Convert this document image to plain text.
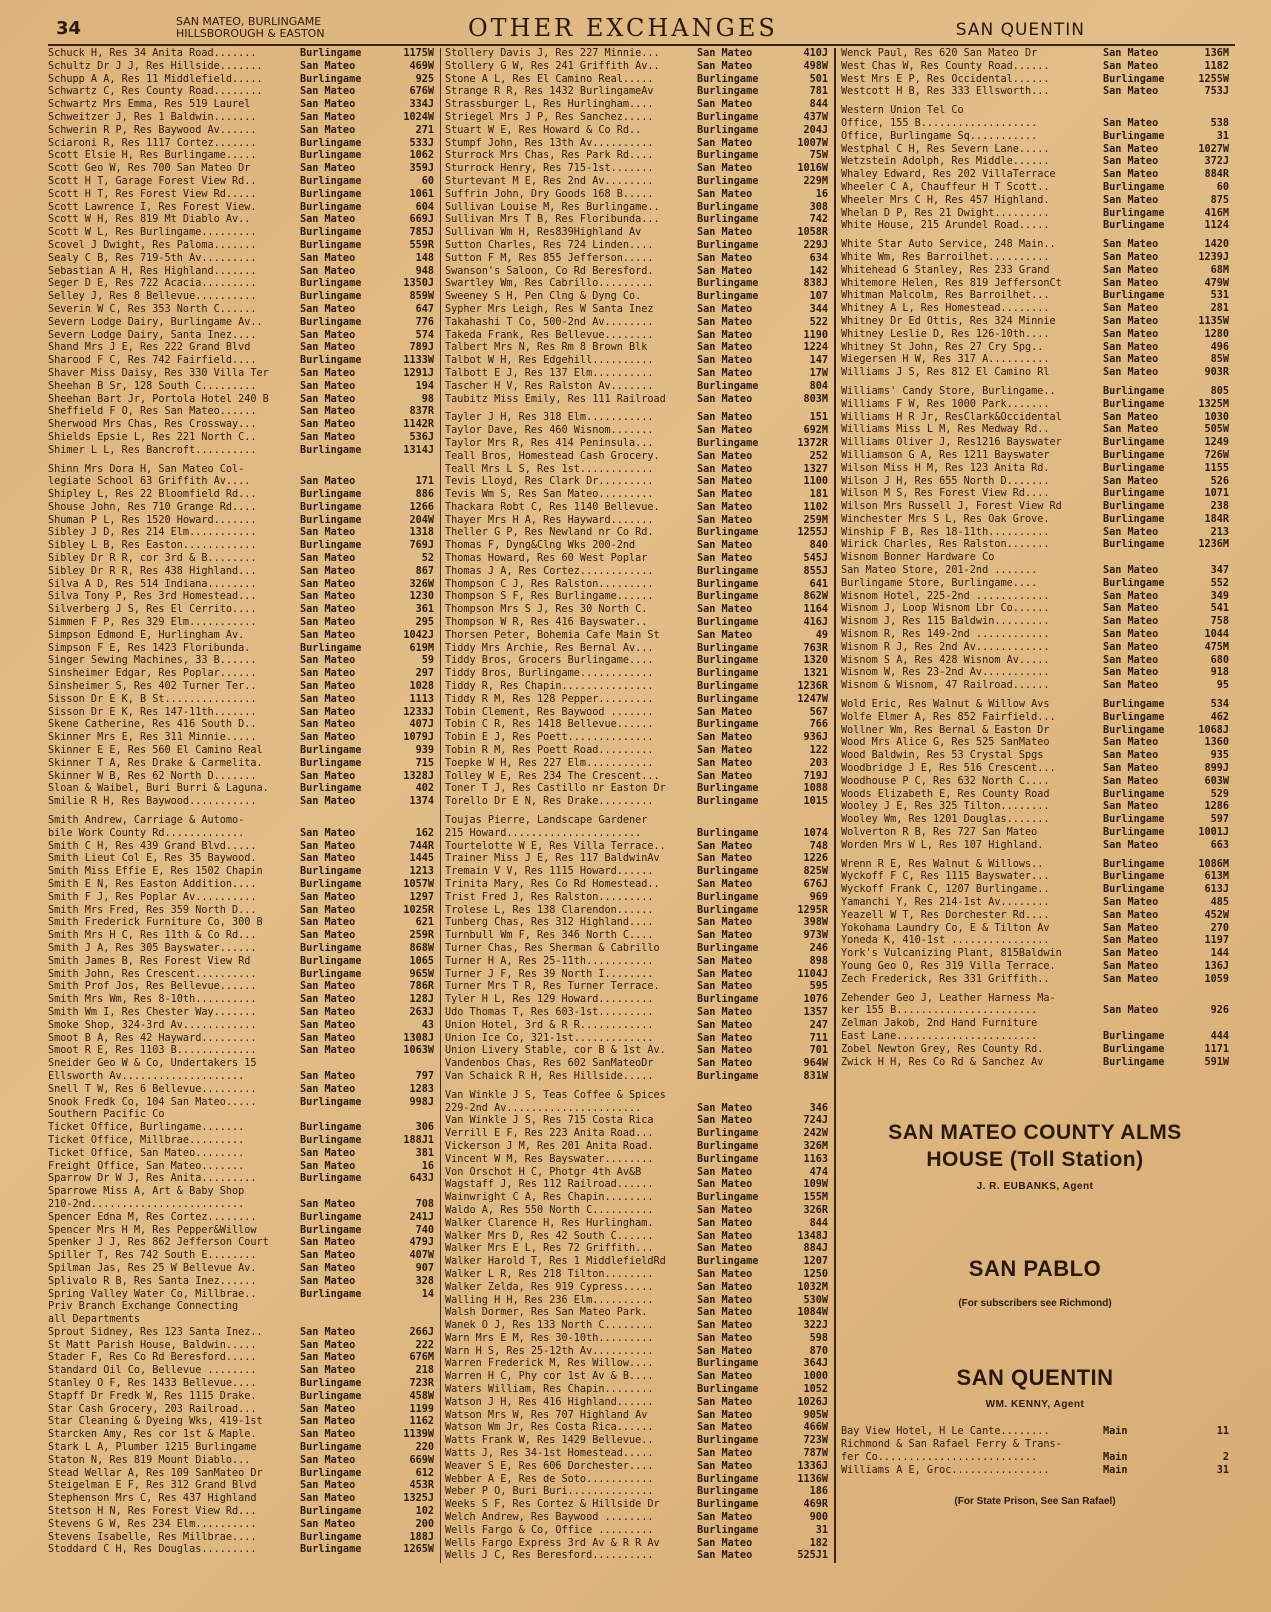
34	SAN MATEO, BURLINGAME
HILLSBOROUGH & EASTON	OTHER EXCHANGES	SAN QUENTIN
Schuck H, Res 34 Anita Road.......	Burlingame	1175W
Schultz Dr J J, Res Hillside.......	San Mateo	469W
Schupp A A, Res 11 Middlefield.....	Burlingame	925
Schwartz C, Res County Road........	San Mateo	676W
Schwartz Mrs Emma, Res 519 Laurel	San Mateo	334J
Schweitzer J, Res 1 Baldwin.......	San Mateo	1024W
Schwerin R P, Res Baywood Av......	San Mateo	271
Sciaroni R, Res 1117 Cortez.......	Burlingame	533J
Scott Elsie H, Res Burlingame.....	Burlingame	1062
Scott Geo W, Res 700 San Mateo Dr	San Mateo	359J
Scott H T, Garage Forest View Rd..	Burlingame	60
Scott H T, Res Forest View Rd.....	Burlingame	1061
Scott Lawrence I, Res Forest View.	Burlingame	604
Scott W H, Res 819 Mt Diablo Av..	San Mateo	669J
Scott W L, Res Burlingame.........	Burlingame	785J
Scovel J Dwight, Res Paloma.......	Burlingame	559R
Sealy C B, Res 719-5th Av.........	San Mateo	148
Sebastian A H, Res Highland.......	San Mateo	948
Seger D E, Res 722 Acacia.........	Burlingame	1350J
Selley J, Res 8 Bellevue..........	Burlingame	859W
Severin W C, Res 353 North C......	San Mateo	647
Severn Lodge Dairy, Burlingame Av..	Burlingame	776
Severn Lodge Dairy, Santa Inez....	San Mateo	574
Shand Mrs J E, Res 222 Grand Blvd	San Mateo	789J
Sharood F C, Res 742 Fairfield....	Burlingame	1133W
Shaver Miss Daisy, Res 330 Villa Ter	San Mateo	1291J
Sheehan B Sr, 128 South C.........	San Mateo	194
Sheehan Bart Jr, Portola Hotel 240 B	San Mateo	98
Sheffield F O, Res San Mateo......	San Mateo	837R
Sherwood Mrs Chas, Res Crossway...	San Mateo	1142R
Shields Epsie L, Res 221 North C..	San Mateo	536J
Shimer L L, Res Bancroft..........	Burlingame	1314J
Shinn Mrs Dora H, San Mateo Col-
legiate School 63 Griffith Av....	San Mateo	171
Shipley L, Res 22 Bloomfield Rd...	Burlingame	886
Shouse John, Res 710 Grange Rd....	Burlingame	1266
Shuman P L, Res 1520 Howard.......	Burlingame	204W
Sibley J D, Res 214 Elm...........	San Mateo	1318
Sibley L B, Res Easton............	Burlingame	769J
Sibley Dr R R, cor 3rd & B........	San Mateo	52
Sibley Dr R R, Res 438 Highland...	San Mateo	867
Silva A D, Res 514 Indiana........	San Mateo	326W
Silva Tony P, Res 3rd Homestead...	San Mateo	1230
Silverberg J S, Res El Cerrito....	San Mateo	361
Simmen F P, Res 329 Elm...........	San Mateo	295
Simpson Edmond E, Hurlingham Av.	San Mateo	1042J
Simpson F E, Res 1423 Floribunda.	Burlingame	619M
Singer Sewing Machines, 33 B......	San Mateo	59
Sinsheimer Edgar, Res Poplar......	San Mateo	297
Sinsheimer S, Res 402 Turner Ter..	San Mateo	1028
Sisson Dr E K, B St...............	San Mateo	1113
Sisson Dr E K, Res 147-11th.......	San Mateo	1233J
Skene Catherine, Res 416 South D..	San Mateo	407J
Skinner Mrs E, Res 311 Minnie.....	San Mateo	1079J
Skinner E E, Res 560 El Camino Real	Burlingame	939
Skinner T A, Res Drake & Carmelita.	Burlingame	715
Skinner W B, Res 62 North D.......	San Mateo	1328J
Sloan & Waibel, Buri Burri & Laguna.	Burlingame	402
Smilie R H, Res Baywood...........	San Mateo	1374
Smith Andrew, Carriage & Automo-
bile Work County Rd.............	San Mateo	162
Smith C H, Res 439 Grand Blvd.....	San Mateo	744R
Smith Lieut Col E, Res 35 Baywood.	San Mateo	1445
Smith Miss Effie E, Res 1502 Chapin	Burlingame	1213
Smith E N, Res Easton Addition....	Burlingame	1057W
Smith F J, Res Poplar Av..........	San Mateo	1297
Smith Mrs Fred, Res 359 North D...	San Mateo	1025R
Smith Frederick Furniture Co, 300 B	San Mateo	621
Smith Mrs H C, Res 11th & Co Rd...	San Mateo	259R
Smith J A, Res 305 Bayswater......	Burlingame	868W
Smith James B, Res Forest View Rd	Burlingame	1065
Smith John, Res Crescent..........	Burlingame	965W
Smith Prof Jos, Res Bellevue......	San Mateo	786R
Smith Mrs Wm, Res 8-10th..........	San Mateo	128J
Smith Wm I, Res Chester Way.......	San Mateo	263J
Smoke Shop, 324-3rd Av............	San Mateo	43
Smoot B A, Res 42 Hayward.........	San Mateo	1308J
Smoot R E, Res 1103 B.............	San Mateo	1063W
Sneider Geo W & Co, Undertakers 15
Ellsworth Av....................	San Mateo	797
Snell T W, Res 6 Bellevue.........	San Mateo	1283
Snook Fredk Co, 104 San Mateo.....	Burlingame	998J
Southern Pacific Co
Ticket Office, Burlingame.......	Burlingame	306
Ticket Office, Millbrae.........	Burlingame	188J1
Ticket Office, San Mateo........	San Mateo	381
Freight Office, San Mateo.......	San Mateo	16
Sparrow Dr W J, Res Anita.........	Burlingame	643J
Sparrowe Miss A, Art & Baby Shop
210-2nd.........................	San Mateo	708
Spencer Edna M, Res Cortez........	Burlingame	241J
Spencer Mrs H M, Res Pepper&Willow	Burlingame	740
Spenker J J, Res 862 Jefferson Court	San Mateo	479J
Spiller T, Res 742 South E........	San Mateo	407W
Spilman Jas, Res 25 W Bellevue Av.	San Mateo	907
Splivalo R B, Res Santa Inez......	San Mateo	328
Spring Valley Water Co, Millbrae..	Burlingame	14
Priv Branch Exchange Connecting
all Departments
Sprout Sidney, Res 123 Santa Inez..	San Mateo	266J
St Matt Parish House, Baldwin.....	San Mateo	222
Stader F, Res Co Rd Beresford.....	San Mateo	676M
Standard Oil Co, Bellevue ........	San Mateo	218
Stanley O F, Res 1433 Bellevue....	Burlingame	723R
Stapff Dr Fredk W, Res 1115 Drake.	Burlingame	458W
Star Cash Grocery, 203 Railroad...	San Mateo	1199
Star Cleaning & Dyeing Wks, 419-1st	San Mateo	1162
Starcken Amy, Res cor 1st & Maple.	San Mateo	1139W
Stark L A, Plumber 1215 Burlingame	Burlingame	220
Staton N, Res 819 Mount Diablo...	San Mateo	669W
Stead Wellar A, Res 109 SanMateo Dr	Burlingame	612
Steigelman E F, Res 312 Grand Blvd	San Mateo	453R
Stephenson Mrs C, Res 437 Highland	San Mateo	1325J
Stetson H N, Res Forest View Rd...	Burlingame	102
Stevens G W, Res 234 Elm..........	San Mateo	200
Stevens Isabelle, Res Millbrae....	Burlingame	188J
Stoddard C H, Res Douglas.........	Burlingame	1265W
Stollery Davis J, Res 227 Minnie...	San Mateo	410J
Stollery G W, Res 241 Griffith Av..	San Mateo	498W
Stone A L, Res El Camino Real.....	Burlingame	501
Strange R R, Res 1432 BurlingameAv	Burlingame	781
Strassburger L, Res Hurlingham....	San Mateo	844
Striegel Mrs J P, Res Sanchez.....	Burlingame	437W
Stuart W E, Res Howard & Co Rd..	Burlingame	204J
Stumpf John, Res 13th Av..........	San Mateo	1007W
Sturrock Mrs Chas, Res Park Rd....	Burlingame	75W
Sturrock Henry, Res 715-1st.......	San Mateo	1016W
Sturtevant M E, Res 2nd Av........	Burlingame	229M
Suffrin John, Dry Goods 168 B.....	San Mateo	16
Sullivan Louise M, Res Burlingame..	Burlingame	308
Sullivan Mrs T B, Res Floribunda...	Burlingame	742
Sullivan Wm H, Res839Highland Av	San Mateo	1058R
Sutton Charles, Res 724 Linden....	Burlingame	229J
Sutton F M, Res 855 Jefferson.....	San Mateo	634
Swanson's Saloon, Co Rd Beresford.	San Mateo	142
Swartley Wm, Res Cabrillo.........	Burlingame	838J
Sweeney S H, Pen Clng & Dyng Co.	Burlingame	107
Sypher Mrs Leigh, Res W Santa Inez	San Mateo	344
Takahashi T Co, 500-2nd Av........	San Mateo	522
Takeda Frank, Res Bellevue........	San Mateo	1190
Talbert Mrs N, Res Rm 8 Brown Blk	San Mateo	1224
Talbot W H, Res Edgehill..........	San Mateo	147
Talbott E J, Res 137 Elm..........	San Mateo	17W
Tascher H V, Res Ralston Av.......	Burlingame	804
Taubitz Miss Emily, Res 111 Railroad	San Mateo	803M
Tayler J H, Res 318 Elm...........	San Mateo	151
Taylor Dave, Res 460 Wisnom.......	San Mateo	692M
Taylor Mrs R, Res 414 Peninsula...	Burlingame	1372R
Teall Bros, Homestead Cash Grocery.	San Mateo	252
Teall Mrs L S, Res 1st............	San Mateo	1327
Tevis Lloyd, Res Clark Dr.........	San Mateo	1100
Tevis Wm S, Res San Mateo.........	San Mateo	181
Thackara Robt C, Res 1140 Bellevue.	San Mateo	1102
Thayer Mrs H A, Res Hayward.......	San Mateo	259M
Theller G P, Res Newland nr Co Rd.	Burlingame	1255J
Thomas F, Dyng&Clng Wks 200-2nd	San Mateo	840
Thomas Howard, Res 60 West Poplar	San Mateo	545J
Thomas J A, Res Cortez............	Burlingame	855J
Thompson C J, Res Ralston.........	Burlingame	641
Thompson S F, Res Burlingame......	Burlingame	862W
Thompson Mrs S J, Res 30 North C.	San Mateo	1164
Thompson W R, Res 416 Bayswater..	Burlingame	416J
Thorsen Peter, Bohemia Cafe Main St	San Mateo	49
Tiddy Mrs Archie, Res Bernal Av...	Burlingame	763R
Tiddy Bros, Grocers Burlingame....	Burlingame	1320
Tiddy Bros, Burlingame............	Burlingame	1321
Tiddy R, Res Chapin...............	Burlingame	1236R
Tiddy R M, Res 128 Pepper.........	Burlingame	1247W
Tobin Clement, Res Baywood .......	San Mateo	567
Tobin C R, Res 1418 Bellevue......	Burlingame	766
Tobin E J, Res Poett..............	San Mateo	936J
Tobin R M, Res Poett Road.........	San Mateo	122
Toepke W H, Res 227 Elm...........	San Mateo	203
Tolley W E, Res 234 The Crescent...	San Mateo	719J
Toner T J, Res Castillo nr Easton Dr	Burlingame	1088
Torello Dr E N, Res Drake.........	Burlingame	1015
Toujas Pierre, Landscape Gardener
215 Howard......................	Burlingame	1074
Tourtelotte W E, Res Villa Terrace..	San Mateo	748
Trainer Miss J E, Res 117 BaldwinAv	San Mateo	1226
Tremain V V, Res 1115 Howard......	Burlingame	825W
Trinita Mary, Res Co Rd Homestead..	San Mateo	676J
Trist Fred J, Res Ralston.........	Burlingame	969
Trolese L, Res 138 Clarendon......	Burlingame	1295R
Tunberg Chas, Res 312 Highland....	San Mateo	398W
Turnbull Wm F, Res 346 North C....	San Mateo	973W
Turner Chas, Res Sherman & Cabrillo	Burlingame	246
Turner H A, Res 25-11th...........	San Mateo	898
Turner J F, Res 39 North I........	San Mateo	1104J
Turner Mrs T R, Res Turner Terrace.	San Mateo	595
Tyler H L, Res 129 Howard.........	Burlingame	1076
Udo Thomas T, Res 603-1st.........	San Mateo	1357
Union Hotel, 3rd & R R............	San Mateo	247
Union Ice Co, 321-1st.............	San Mateo	711
Union Livery Stable, cor B & 1st Av.	San Mateo	701
Vandenbos Chas, Res 602 SanMateoDr	San Mateo	964W
Van Schaick R H, Res Hillside.....	Burlingame	831W
Van Winkle J S, Teas Coffee & Spices
229-2nd Av......................	San Mateo	346
Van Winkle J S, Res 715 Costa Rica	San Mateo	724J
Verrill E F, Res 223 Anita Road...	Burlingame	242W
Vickerson J M, Res 201 Anita Road.	Burlingame	326M
Vincent W M, Res Bayswater........	Burlingame	1163
Von Orschot H C, Photgr 4th Av&B	San Mateo	474
Wagstaff J, Res 112 Railroad......	San Mateo	109W
Wainwright C A, Res Chapin........	Burlingame	155M
Waldo A, Res 550 North C..........	San Mateo	326R
Walker Clarence H, Res Hurlingham.	San Mateo	844
Walker Mrs D, Res 42 South C......	San Mateo	1348J
Walker Mrs E L, Res 72 Griffith...	San Mateo	884J
Walker Harold T, Res 1 MiddlefieldRd	Burlingame	1207
Walker L R, Res 218 Tilton........	San Mateo	1250
Walker Zelda, Res 919 Cypress.....	San Mateo	1032M
Walling H H, Res 236 Elm..........	San Mateo	530W
Walsh Dormer, Res San Mateo Park.	San Mateo	1084W
Wanek O J, Res 133 North C........	San Mateo	322J
Warn Mrs E M, Res 30-10th.........	San Mateo	598
Warn H S, Res 25-12th Av..........	San Mateo	870
Warren Frederick M, Res Willow....	Burlingame	364J
Warren H C, Phy cor 1st Av & B....	San Mateo	1000
Waters William, Res Chapin........	Burlingame	1052
Watson J H, Res 416 Highland......	San Mateo	1026J
Watson Mrs W, Res 707 Highland Av	San Mateo	905W
Watson Wm Jr, Res Costa Rica......	San Mateo	466W
Watts Frank W, Res 1429 Bellevue..	Burlingame	723W
Watts J, Res 34-1st Homestead.....	San Mateo	787W
Weaver S E, Res 606 Dorchester....	San Mateo	1336J
Webber A E, Res de Soto...........	Burlingame	1136W
Weber P O, Buri Buri..............	Burlingame	186
Weeks S F, Res Cortez & Hillside Dr	Burlingame	469R
Welch Andrew, Res Baywood ........	San Mateo	900
Wells Fargo & Co, Office .........	Burlingame	31
Wells Fargo Express 3rd Av & R R Av	San Mateo	182
Wells J C, Res Beresford..........	San Mateo	525J1
Wenck Paul, Res 620 San Mateo Dr	San Mateo	136M
West Chas W, Res County Road......	San Mateo	1182
West Mrs E P, Res Occidental......	Burlingame	1255W
Westcott H B, Res 333 Ellsworth...	San Mateo	753J
Western Union Tel Co
Office, 155 B...................	San Mateo	538
Office, Burlingame Sq...........	Burlingame	31
Westphal C H, Res Severn Lane.....	San Mateo	1027W
Wetzstein Adolph, Res Middle......	San Mateo	372J
Whaley Edward, Res 202 VillaTerrace	San Mateo	884R
Wheeler C A, Chauffeur H T Scott..	Burlingame	60
Wheeler Mrs C H, Res 457 Highland.	San Mateo	875
Whelan D P, Res 21 Dwight.........	Burlingame	416M
White House, 215 Arundel Road.....	Burlingame	1124
White Star Auto Service, 248 Main..	San Mateo	1420
White Wm, Res Barroilhet..........	San Mateo	1239J
Whitehead G Stanley, Res 233 Grand	San Mateo	68M
Whitemore Helen, Res 819 JeffersonCt	San Mateo	479W
Whitman Malcolm, Res Barroilhet...	Burlingame	531
Whitney A L, Res Homestead........	San Mateo	281
Whitney Dr Ed Ottis, Res 324 Minnie	San Mateo	1135W
Whitney Leslie D, Res 126-10th....	San Mateo	1280
Whitney St John, Res 27 Cry Spg..	San Mateo	496
Wiegersen H W, Res 317 A..........	San Mateo	85W
Williams J S, Res 812 El Camino Rl	San Mateo	903R
Williams' Candy Store, Burlingame..	Burlingame	805
Williams F W, Res 1000 Park.......	Burlingame	1325M
Williams H R Jr, ResClark&Occidental	San Mateo	1030
Williams Miss L M, Res Medway Rd..	San Mateo	505W
Williams Oliver J, Res1216 Bayswater	Burlingame	1249
Williamson G A, Res 1211 Bayswater	Burlingame	726W
Wilson Miss H M, Res 123 Anita Rd.	Burlingame	1155
Wilson J H, Res 655 North D.......	San Mateo	526
Wilson M S, Res Forest View Rd....	Burlingame	1071
Wilson Mrs Russell J, Forest View Rd	Burlingame	238
Winchester Mrs S L, Res Oak Grove.	Burlingame	184R
Winship F B, Res 18-11th..........	San Mateo	213
Wirick Charles, Res Ralston.......	Burlingame	1236M
Wisnom Bonner Hardware Co
San Mateo Store, 201-2nd .......	San Mateo	347
Burlingame Store, Burlingame....	Burlingame	552
Wisnom Hotel, 225-2nd ............	San Mateo	349
Wisnom J, Loop Wisnom Lbr Co......	San Mateo	541
Wisnom J, Res 115 Baldwin.........	San Mateo	758
Wisnom R, Res 149-2nd ............	San Mateo	1044
Wisnom R J, Res 2nd Av............	San Mateo	475M
Wisnom S A, Res 428 Wisnom Av.....	San Mateo	680
Wisnom W, Res 23-2nd Av...........	San Mateo	918
Wisnom & Wisnom, 47 Railroad......	San Mateo	95
Wold Eric, Res Walnut & Willow Avs	Burlingame	534
Wolfe Elmer A, Res 852 Fairfield...	Burlingame	462
Wollner Wm, Res Bernal & Easton Dr	Burlingame	1068J
Wood Mrs Alice G, Res 525 SanMateo	San Mateo	1360
Wood Baldwin, Res 53 Crystal Spgs	San Mateo	935
Woodbridge J E, Res 516 Crescent...	San Mateo	899J
Woodhouse P C, Res 632 North C....	San Mateo	603W
Woods Elizabeth E, Res County Road	Burlingame	529
Wooley J E, Res 325 Tilton........	San Mateo	1286
Wooley Wm, Res 1201 Douglas.......	Burlingame	597
Wolverton R B, Res 727 San Mateo	Burlingame	1001J
Worden Mrs W L, Res 107 Highland.	San Mateo	663
Wrenn R E, Res Walnut & Willows..	Burlingame	1086M
Wyckoff F C, Res 1115 Bayswater...	Burlingame	613M
Wyckoff Frank C, 1207 Burlingame..	Burlingame	613J
Yamanchi Y, Res 214-1st Av........	San Mateo	485
Yeazell W T, Res Dorchester Rd....	San Mateo	452W
Yokohama Laundry Co, E & Tilton Av	San Mateo	270
Yoneda K, 410-1st ................	San Mateo	1197
York's Vulcanizing Plant, 815Baldwin	San Mateo	144
Young Geo O, Res 319 Villa Terrace.	San Mateo	136J
Zech Frederick, Res 331 Griffith..	San Mateo	1059
Zehender Geo J, Leather Harness Ma-
ker 155 B.......................	San Mateo	926
Zelman Jakob, 2nd Hand Furniture
East Lane.......................	Burlingame	444
Zobel Newton Grey, Res County Rd.	Burlingame	1171
Zwick H H, Res Co Rd & Sanchez Av	Burlingame	591W
SAN MATEO COUNTY ALMS
HOUSE (Toll Station)
J. R. EUBANKS, Agent
SAN PABLO
(For subscribers see Richmond)
SAN QUENTIN
WM. KENNY, Agent
Bay View Hotel, H Le Cante........	Main	11
Richmond & San Rafael Ferry & Trans-
fer Co..........................	Main	2
Williams A E, Groc................	Main	31
(For State Prison, See San Rafael)
